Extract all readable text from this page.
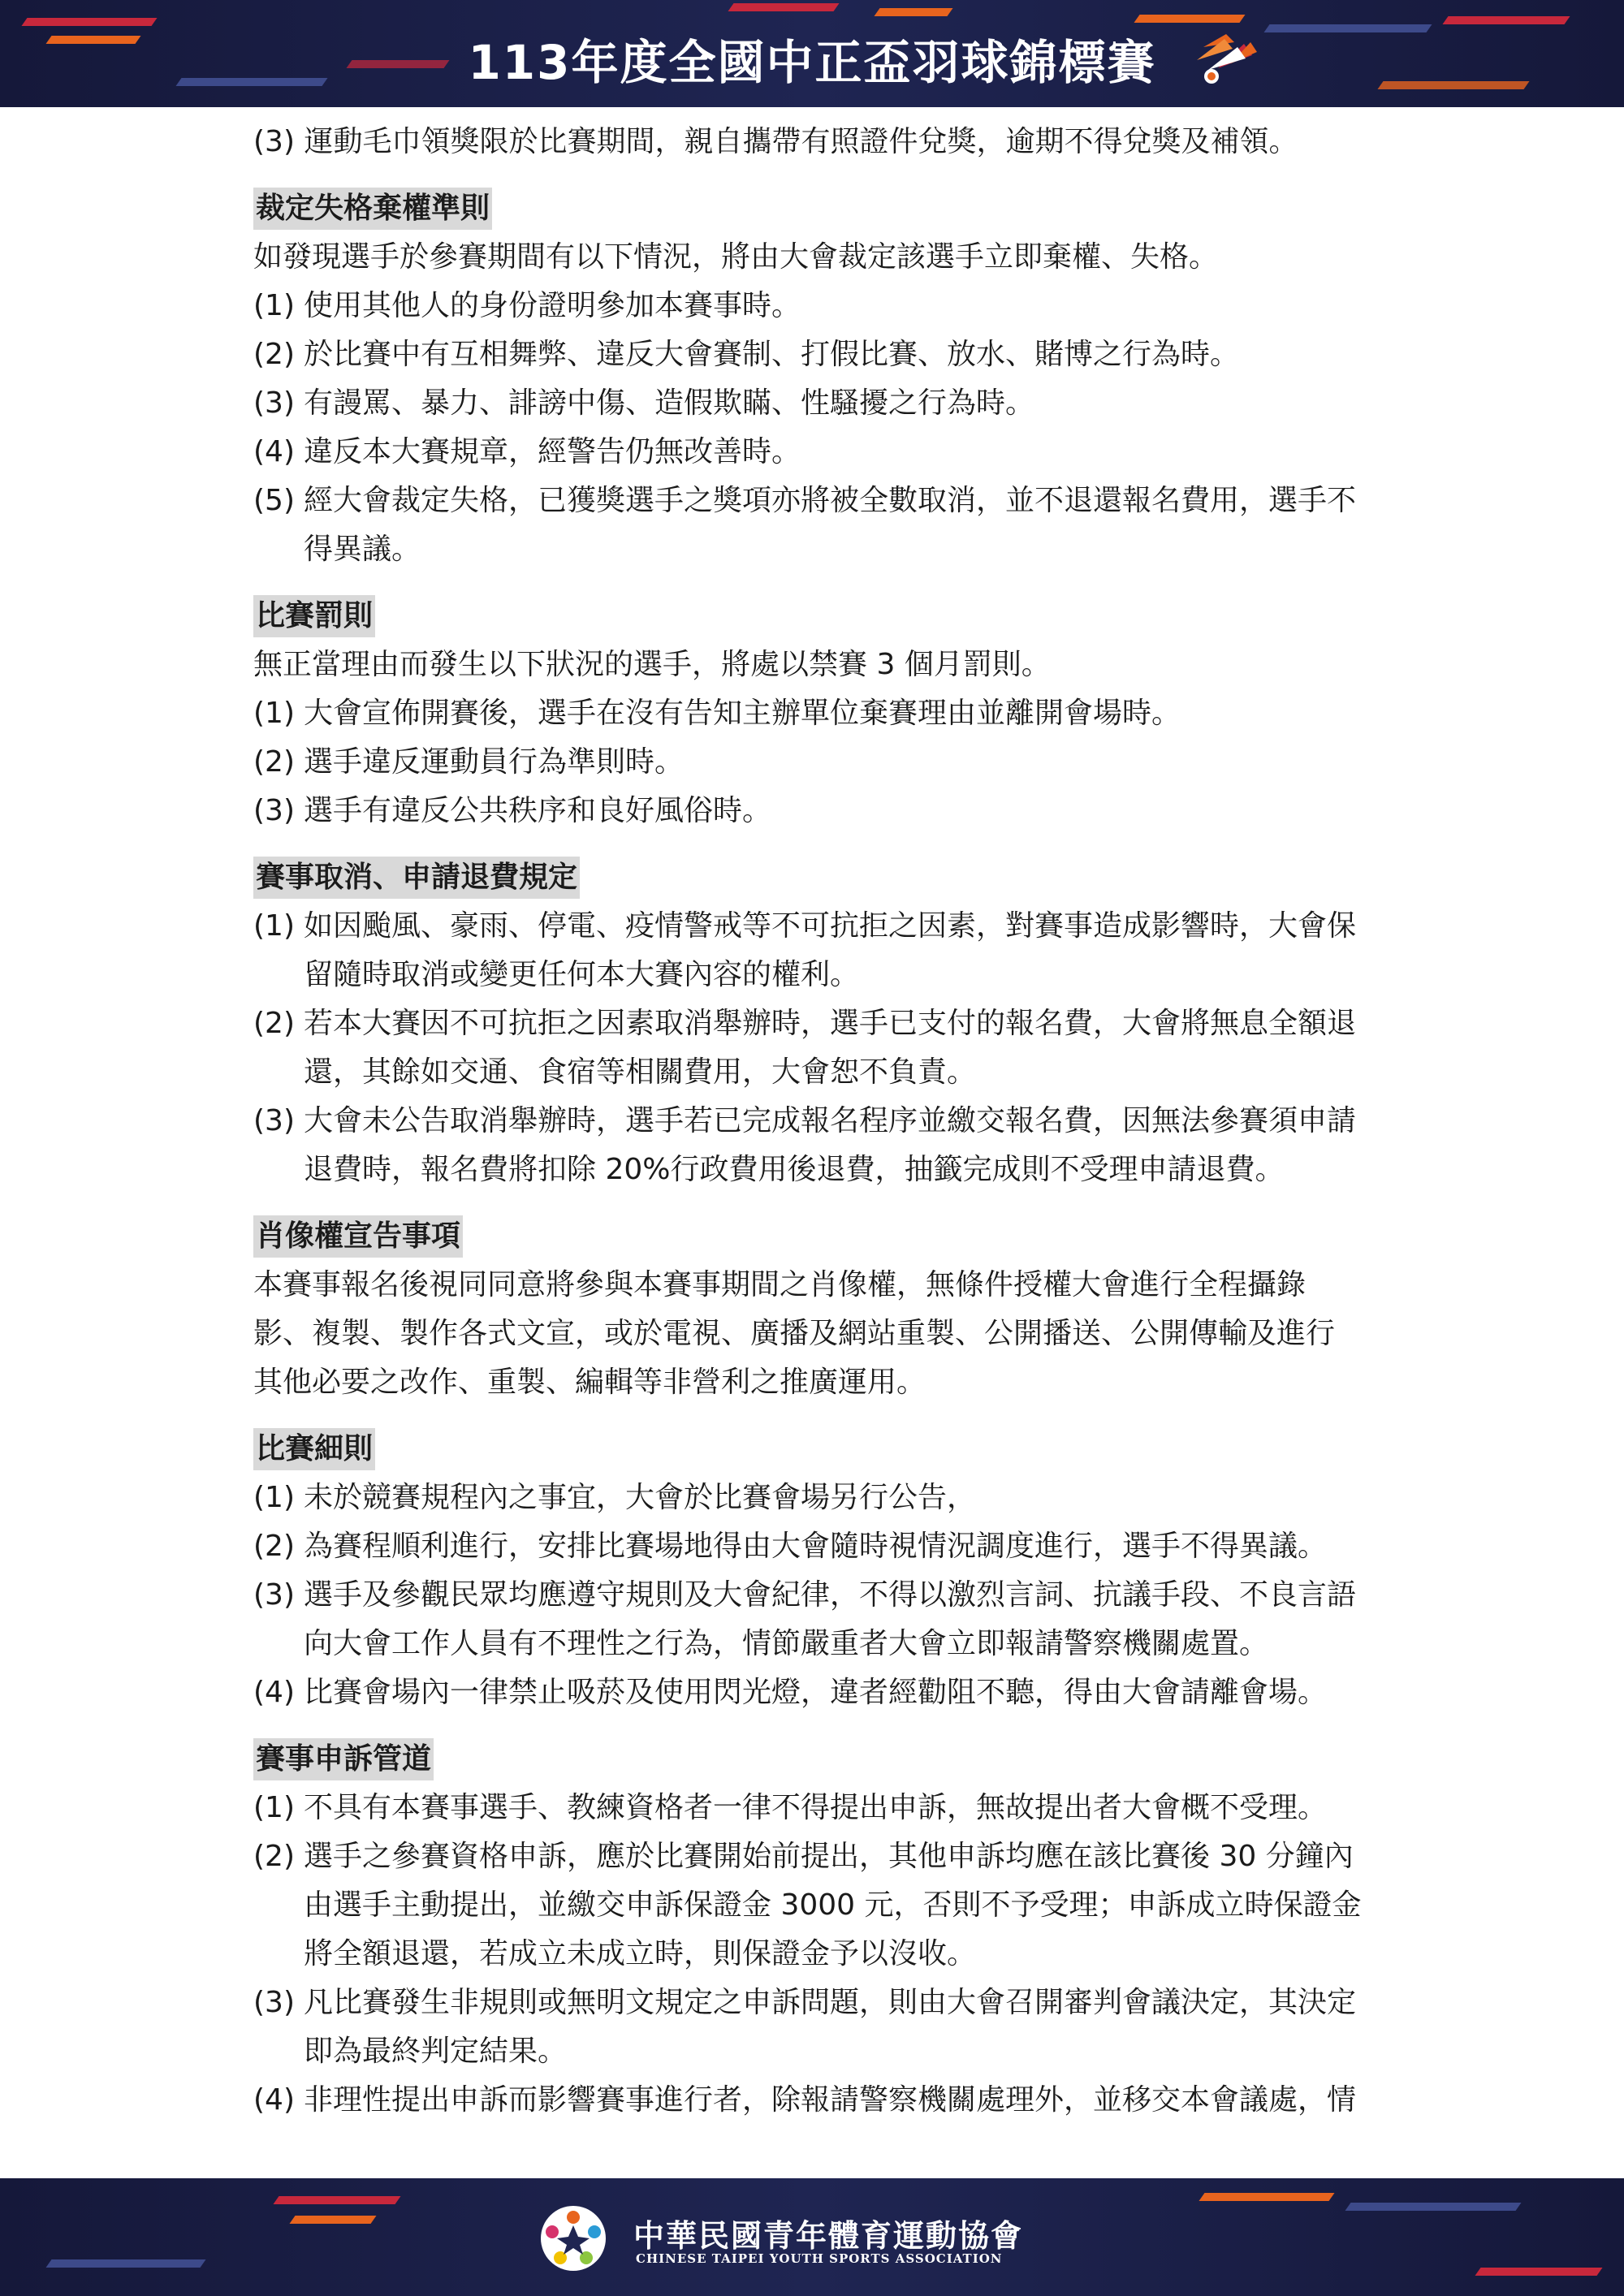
113年度全國中正盃羽球錦標賽
(3) 運動毛巾領獎限於比賽期間，親自攜帶有照證件兌獎，逾期不得兌獎及補領。
裁定失格棄權準則
如發現選手於參賽期間有以下情況，將由大會裁定該選手立即棄權、失格。
(1) 使用其他人的身份證明參加本賽事時。
(2) 於比賽中有互相舞弊、違反大會賽制、打假比賽、放水、賭博之行為時。
(3) 有謾罵、暴力、誹謗中傷、造假欺瞞、性騷擾之行為時。
(4) 違反本大賽規章，經警告仍無改善時。
(5) 經大會裁定失格，已獲獎選手之獎項亦將被全數取消，並不退還報名費用，選手不
得異議。
比賽罰則
無正當理由而發生以下狀況的選手，將處以禁賽 3 個月罰則。
(1) 大會宣佈開賽後，選手在沒有告知主辦單位棄賽理由並離開會場時。
(2) 選手違反運動員行為準則時。
(3) 選手有違反公共秩序和良好風俗時。
賽事取消、申請退費規定
(1) 如因颱風、豪雨、停電、疫情警戒等不可抗拒之因素，對賽事造成影響時，大會保
留隨時取消或變更任何本大賽內容的權利。
(2) 若本大賽因不可抗拒之因素取消舉辦時，選手已支付的報名費，大會將無息全額退
還，其餘如交通、食宿等相關費用，大會恕不負責。
(3) 大會未公告取消舉辦時，選手若已完成報名程序並繳交報名費，因無法參賽須申請
退費時，報名費將扣除 20%行政費用後退費，抽籤完成則不受理申請退費。
肖像權宣告事項
本賽事報名後視同同意將參與本賽事期間之肖像權，無條件授權大會進行全程攝錄
影、複製、製作各式文宣，或於電視、廣播及網站重製、公開播送、公開傳輸及進行
其他必要之改作、重製、編輯等非營利之推廣運用。
比賽細則
(1) 未於競賽規程內之事宜，大會於比賽會場另行公告，
(2) 為賽程順利進行，安排比賽場地得由大會隨時視情況調度進行，選手不得異議。
(3) 選手及參觀民眾均應遵守規則及大會紀律，不得以激烈言詞、抗議手段、不良言語
向大會工作人員有不理性之行為，情節嚴重者大會立即報請警察機關處置。
(4) 比賽會場內一律禁止吸菸及使用閃光燈，違者經勸阻不聽，得由大會請離會場。
賽事申訴管道
(1) 不具有本賽事選手、教練資格者一律不得提出申訴，無故提出者大會概不受理。
(2) 選手之參賽資格申訴，應於比賽開始前提出，其他申訴均應在該比賽後 30 分鐘內
由選手主動提出，並繳交申訴保證金 3000 元，否則不予受理；申訴成立時保證金
將全額退還，若成立未成立時，則保證金予以沒收。
(3) 凡比賽發生非規則或無明文規定之申訴問題，則由大會召開審判會議決定，其決定
即為最終判定結果。
(4) 非理性提出申訴而影響賽事進行者，除報請警察機關處理外，並移交本會議處，情
中華民國青年體育運動協會
CHINESE TAIPEI YOUTH SPORTS ASSOCIATION
